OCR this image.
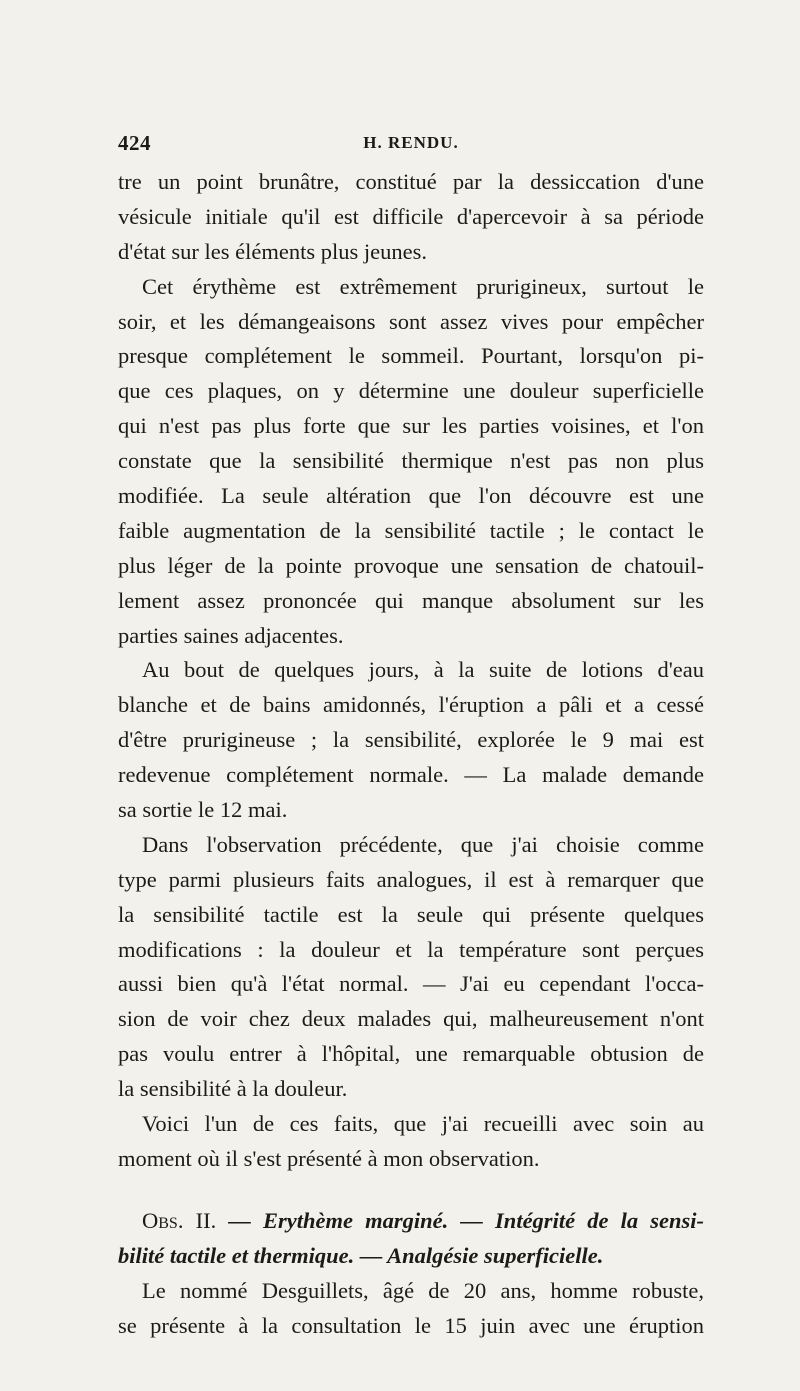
424	H. RENDU.
tre un point brunâtre, constitué par la dessiccation d'une
vésicule initiale qu'il est difficile d'apercevoir à sa période
d'état sur les éléments plus jeunes.
Cet érythème est extrêmement prurigineux, surtout le
soir, et les démangeaisons sont assez vives pour empêcher
presque complétement le sommeil. Pourtant, lorsqu'on pi-
que ces plaques, on y détermine une douleur superficielle
qui n'est pas plus forte que sur les parties voisines, et l'on
constate que la sensibilité thermique n'est pas non plus
modifiée. La seule altération que l'on découvre est une
faible augmentation de la sensibilité tactile ; le contact le
plus léger de la pointe provoque une sensation de chatouil-
lement assez prononcée qui manque absolument sur les
parties saines adjacentes.
Au bout de quelques jours, à la suite de lotions d'eau
blanche et de bains amidonnés, l'éruption a pâli et a cessé
d'être prurigineuse ; la sensibilité, explorée le 9 mai est
redevenue complétement normale. — La malade demande
sa sortie le 12 mai.
Dans l'observation précédente, que j'ai choisie comme
type parmi plusieurs faits analogues, il est à remarquer que
la sensibilité tactile est la seule qui présente quelques
modifications : la douleur et la température sont perçues
aussi bien qu'à l'état normal. — J'ai eu cependant l'occa-
sion de voir chez deux malades qui, malheureusement n'ont
pas voulu entrer à l'hôpital, une remarquable obtusion de
la sensibilité à la douleur.
Voici l'un de ces faits, que j'ai recueilli avec soin au
moment où il s'est présenté à mon observation.
Obs. II. — Erythème marginé. — Intégrité de la sensi-
bilité tactile et thermique. — Analgésie superficielle.
Le nommé Desguillets, âgé de 20 ans, homme robuste,
se présente à la consultation le 15 juin avec une éruption
